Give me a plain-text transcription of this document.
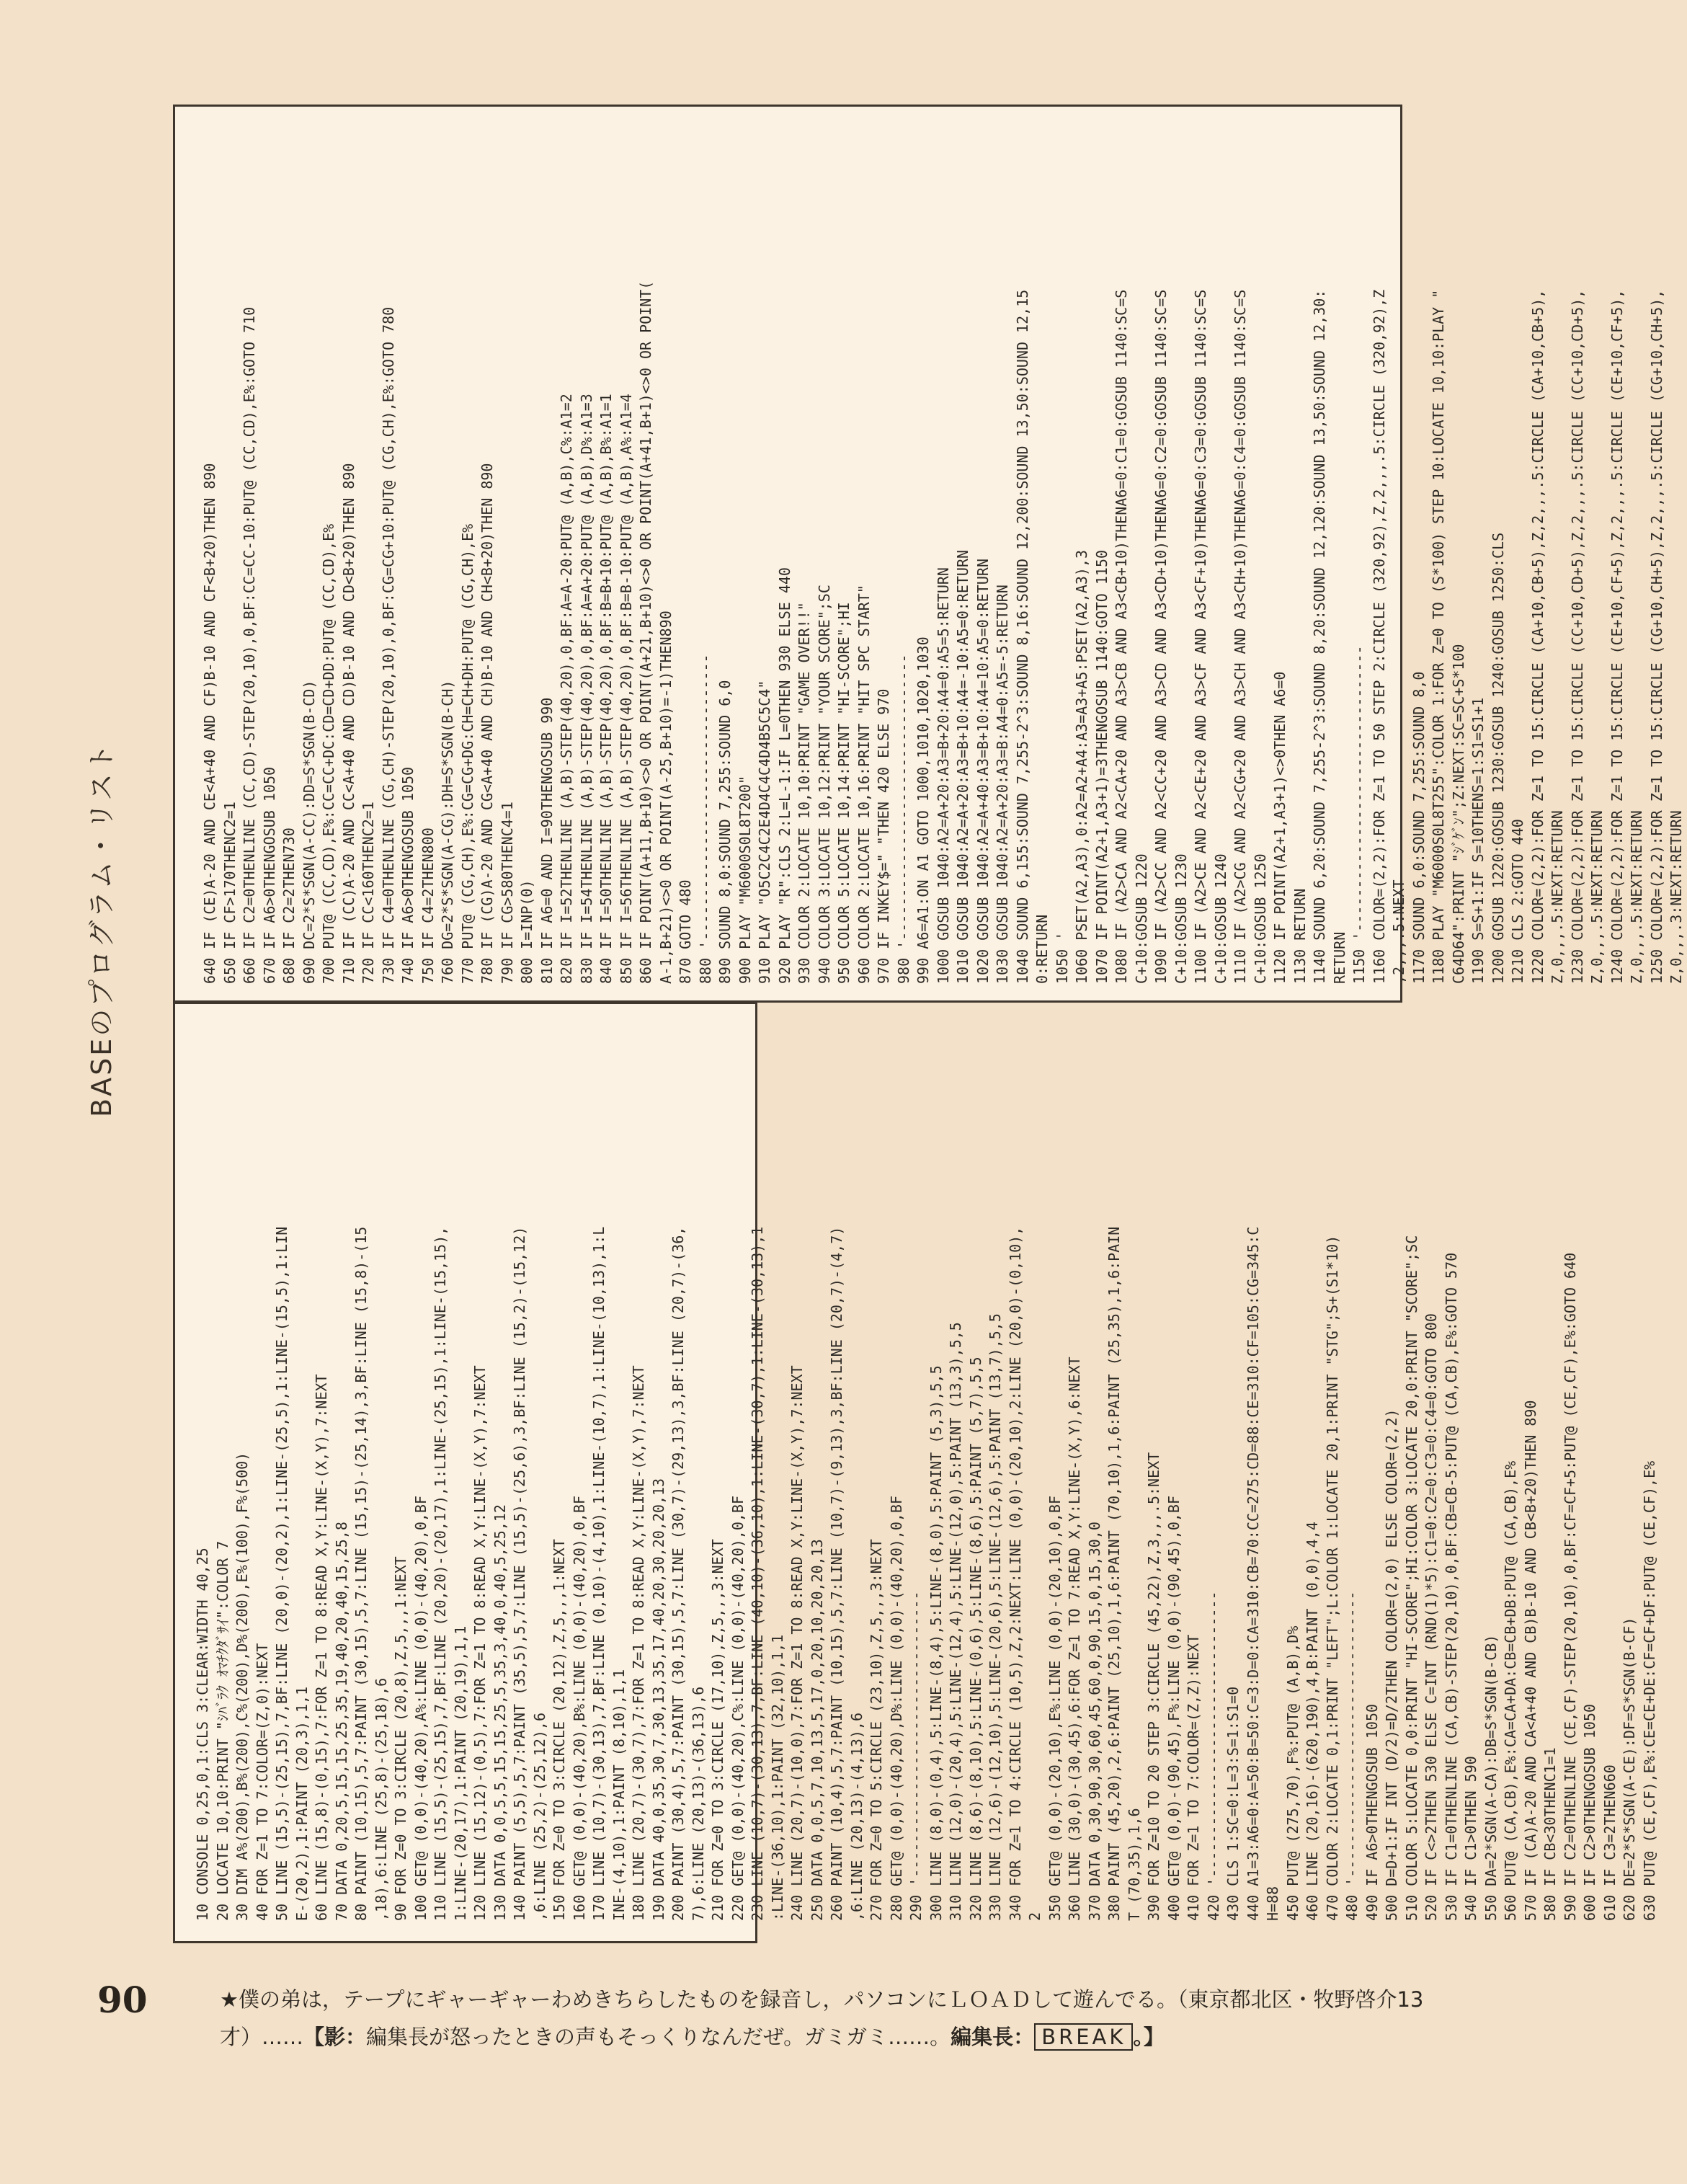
BASEのプログラム・リスト
10 CONSOLE 0,25,0,1:CLS 3:CLEAR:WIDTH 40,25 20 LOCATE 10,10:PRINT "ｼﾊﾞﾗｸ ｵﾏﾁｸﾀﾞｻｲ":COLOR 7 30 DIM A%(200),B%(200),C%(200),D%(200),E%(100),F%(500) 40 FOR Z=1 TO 7:COLOR=(Z,0):NEXT 50 LINE (15,5)-(25,15),7,BF:LINE (20,0)-(20,2),1:LINE-(25,5),1:LINE-(15,5),1:LIN E-(20,2),1:PAINT (20,3),1,1 60 LINE (15,8)-(0,15),7:FOR Z=1 TO 8:READ X,Y:LINE-(X,Y),7:NEXT 70 DATA 0,20,5,15,15,25,35,19,40,20,40,15,25,8 80 PAINT (10,15),5,7:PAINT (30,15),5,7:LINE (15,15)-(25,14),3,BF:LINE (15,8)-(15 ,18),6:LINE (25,8)-(25,18),6 90 FOR Z=0 TO 3:CIRCLE (20,8),Z,5,,,1:NEXT 100 GET@ (0,0)-(40,20),A%:LINE (0,0)-(40,20),0,BF 110 LINE (15,5)-(25,15),7,BF:LINE (20,20)-(20,17),1:LINE-(25,15),1:LINE-(15,15), 1:LINE-(20,17),1:PAINT (20,19),1,1 120 LINE (15,12)-(0,5),7:FOR Z=1 TO 8:READ X,Y:LINE-(X,Y),7:NEXT 130 DATA 0,0,5,5,15,15,25,5,35,3,40,0,40,5,25,12 140 PAINT (5,5),5,7:PAINT (35,5),5,7:LINE (15,5)-(25,6),3,BF:LINE (15,2)-(15,12) ,6:LINE (25,2)-(25,12),6 150 FOR Z=0 TO 3:CIRCLE (20,12),Z,5,,,1:NEXT 160 GET@ (0,0)-(40,20),B%:LINE (0,0)-(40,20),0,BF 170 LINE (10,7)-(30,13),7,BF:LINE (0,10)-(4,10),1:LINE-(10,7),1:LINE-(10,13),1:L INE-(4,10),1:PAINT (8,10),1,1 180 LINE (20,7)-(30,7),7:FOR Z=1 TO 8:READ X,Y:LINE-(X,Y),7:NEXT 190 DATA 40,0,35,30,7,30,13,35,17,40,20,30,20,20,13 200 PAINT (30,4),5,7:PAINT (30,15),5,7:LINE (30,7)-(29,13),3,BF:LINE (20,7)-(36, 7),6:LINE (20,13)-(36,13),6 210 FOR Z=0 TO 3:CIRCLE (17,10),Z,5,,,3:NEXT 220 GET@ (0,0)-(40,20),C%:LINE (0,0)-(40,20),0,BF 230 LINE (10,7)-(30,13),7,BF:LINE (40,10)-(36,10),1:LINE-(30,7),1:LINE-(30,13),1 :LINE-(36,10),1:PAINT (32,10),1,1 240 LINE (20,7)-(10,0),7:FOR Z=1 TO 8:READ X,Y:LINE-(X,Y),7:NEXT 250 DATA 0,0,5,7,10,13,5,17,0,20,10,20,20,13 260 PAINT (10,4),5,7:PAINT (10,15),5,7:LINE (10,7)-(9,13),3,BF:LINE (20,7)-(4,7) ,6:LINE (20,13)-(4,13),6 270 FOR Z=0 TO 5:CIRCLE (23,10),Z,5,,,3:NEXT 280 GET@ (0,0)-(40,20),D%:LINE (0,0)-(40,20),0,BF 290 '--------------------------------- 300 LINE (8,0)-(0,4),5:LINE-(8,4),5:LINE-(8,0),5:PAINT (5,3),5,5 310 LINE (12,0)-(20,4),5:LINE-(12,4),5:LINE-(12,0),5:PAINT (13,3),5,5 320 LINE (8,6)-(8,10),5:LINE-(0,6),5:LINE-(8,6),5:PAINT (5,7),5,5 330 LINE (12,6)-(12,10),5:LINE-(20,6),5:LINE-(12,6),5:PAINT (13,7),5,5 340 FOR Z=1 TO 4:CIRCLE (10,5),Z,2:NEXT:LINE (0,0)-(20,10),2:LINE (20,0)-(0,10), 2 350 GET@ (0,0)-(20,10),E%:LINE (0,0)-(20,10),0,BF 360 LINE (30,0)-(30,45),6:FOR Z=1 TO 7:READ X,Y:LINE-(X,Y),6:NEXT 370 DATA 0,30,90,30,60,45,60,0,90,15,0,15,30,0 380 PAINT (45,20),2,6:PAINT (25,10),1,6:PAINT (70,10),1,6:PAINT (25,35),1,6:PAIN T (70,35),1,6 390 FOR Z=10 TO 20 STEP 3:CIRCLE (45,22),Z,3,,,.5:NEXT 400 GET@ (0,0)-(90,45),F%:LINE (0,0)-(90,45),0,BF 410 FOR Z=1 TO 7:COLOR=(Z,Z):NEXT 420 '--------------------------------- 430 CLS 1:SC=0:L=3:S=1:S1=0 440 A1=3:A6=0:A=50:B=50:C=3:D=0:CA=310:CB=70:CC=275:CD=88:CE=310:CF=105:CG=345:C H=88 450 PUT@ (275,70),F%:PUT@ (A,B),D% 460 LINE (20,16)-(620,190),4,B:PAINT (0,0),4,4 470 COLOR 2:LOCATE 0,1:PRINT "LEFT";L:COLOR 1:LOCATE 20,1:PRINT "STG";S+(S1*10) 480 '--------------------------------- 490 IF A6>0THENGOSUB 1050 500 D=D+1:IF INT (D/2)=D/2THEN COLOR=(2,0) ELSE COLOR=(2,2) 510 COLOR 5:LOCATE 0,0:PRINT "HI-SCORE";HI:COLOR 3:LOCATE 20,0:PRINT "SCORE";SC 520 IF C<>2THEN 530 ELSE C=INT (RND(1)*5):C1=0:C2=0:C3=0:C4=0:GOTO 800 530 IF C1=0THENLINE (CA,CB)-STEP(20,10),0,BF:CB=CB-5:PUT@ (CA,CB),E%:GOTO 570 540 IF C1>0THEN 590 550 DA=2*SGN(A-CA):DB=S*SGN(B-CB) 560 PUT@ (CA,CB),E%:CA=CA+DA:CB=CB+DB:PUT@ (CA,CB),E% 570 IF (CA)A-20 AND CA<A+40 AND CB)B-10 AND CB<B+20)THEN 890 580 IF CB<30THENC1=1 590 IF C2=0THENLINE (CE,CF)-STEP(20,10),0,BF:CF=CF+5:PUT@ (CE,CF),E%:GOTO 640 600 IF C2>0THENGOSUB 1050 610 IF C3=2THEN660 620 DE=2*S*SGN(A-CE):DF=S*SGN(B-CF) 630 PUT@ (CE,CF),E%:CE=CE+DE:CF=CF+DF:PUT@ (CE,CF),E%
640 IF (CE)A-20 AND CE<A+40 AND CF)B-10 AND CF<B+20)THEN 890 650 IF CF>170THENC2=1 660 IF C2=0THENLINE (CC,CD)-STEP(20,10),0,BF:CC=CC-10:PUT@ (CC,CD),E%:GOTO 710 670 IF A6>0THENGOSUB 1050 680 IF C2=2THEN730 690 DC=2*S*SGN(A-CC):DD=S*SGN(B-CD) 700 PUT@ (CC,CD),E%:CC=CC+DC:CD=CD+DD:PUT@ (CC,CD),E% 710 IF (CC)A-20 AND CC<A+40 AND CD)B-10 AND CD<B+20)THEN 890 720 IF CC<160THENC2=1 730 IF C4=0THENLINE (CG,CH)-STEP(20,10),0,BF:CG=CG+10:PUT@ (CG,CH),E%:GOTO 780 740 IF A6>0THENGOSUB 1050 750 IF C4=2THEN800 760 DG=2*S*SGN(A-CG):DH=S*SGN(B-CH) 770 PUT@ (CG,CH),E%:CG=CG+DG:CH=CH+DH:PUT@ (CG,CH),E% 780 IF (CG)A-20 AND CG<A+40 AND CH)B-10 AND CH<B+20)THEN 890 790 IF CG>580THENC4=1 800 I=INP(0) 810 IF A6=0 AND I=90THENGOSUB 990 820 IF I=52THENLINE (A,B)-STEP(40,20),0,BF:A=A-20:PUT@ (A,B),C%:A1=2 830 IF I=54THENLINE (A,B)-STEP(40,20),0,BF:A=A+20:PUT@ (A,B),D%:A1=3 840 IF I=50THENLINE (A,B)-STEP(40,20),0,BF:B=B+10:PUT@ (A,B),B%:A1=1 850 IF I=56THENLINE (A,B)-STEP(40,20),0,BF:B=B-10:PUT@ (A,B),A%:A1=4 860 IF POINT(A+11,B+10)<>0 OR POINT(A+21,B+10)<>0 OR POINT(A+41,B+1)<>0 OR POINT( A-1,B+21)<>0 OR POINT(A-25,B+10)=-1)THEN890 870 GOTO 480 880 '--------------------------------- 890 SOUND 8,0:SOUND 7,255:SOUND 6,0 900 PLAY "M6000S0L8T200" 910 PLAY "O5C2C4C2E4D4C4C4D4B5C5C4" 920 PLAY "R":CLS 2:L=L-1:IF L=0THEN 930 ELSE 440 930 COLOR 2:LOCATE 10,10:PRINT "GAME OVER!!" 940 COLOR 3:LOCATE 10,12:PRINT "YOUR SCORE";SC 950 COLOR 5:LOCATE 10,14:PRINT "HI-SCORE";HI 960 COLOR 2:LOCATE 10,16:PRINT "HIT SPC START" 970 IF INKEY$=" "THEN 420 ELSE 970 980 '--------------------------------- 990 A6=A1:ON A1 GOTO 1000,1010,1020,1030 1000 GOSUB 1040:A2=A+20:A3=B+20:A4=0:A5=5:RETURN 1010 GOSUB 1040:A2=A+20:A3=B+10:A4=-10:A5=0:RETURN 1020 GOSUB 1040:A2=A+40:A3=B+10:A4=10:A5=0:RETURN 1030 GOSUB 1040:A2=A+20:A3=B:A4=0:A5=-5:RETURN 1040 SOUND 6,155:SOUND 7,255-2^3:SOUND 8,16:SOUND 12,200:SOUND 13,50:SOUND 12,15 0:RETURN 1050 ' 1060 PSET(A2,A3),0:A2=A2+A4:A3=A3+A5:PSET(A2,A3),3 1070 IF POINT(A2+1,A3+1)=3THENGOSUB 1140:GOTO 1150 1080 IF (A2>CA AND A2<CA+20 AND A3>CB AND A3<CB+10)THENA6=0:C1=0:GOSUB 1140:SC=S C+10:GOSUB 1220 1090 IF (A2>CC AND A2<CC+20 AND A3>CD AND A3<CD+10)THENA6=0:C2=0:GOSUB 1140:SC=S C+10:GOSUB 1230 1100 IF (A2>CE AND A2<CE+20 AND A3>CF AND A3<CF+10)THENA6=0:C3=0:GOSUB 1140:SC=S C+10:GOSUB 1240 1110 IF (A2>CG AND A2<CG+20 AND A3>CH AND A3<CH+10)THENA6=0:C4=0:GOSUB 1140:SC=S C+10:GOSUB 1250 1120 IF POINT(A2+1,A3+1)<>0THEN A6=0 1130 RETURN 1140 SOUND 6,20:SOUND 7,255-2^3:SOUND 8,20:SOUND 12,120:SOUND 13,50:SOUND 12,30: RETURN 1150 '--------------------------------- 1160 COLOR=(2,2):FOR Z=1 TO 50 STEP 2:CIRCLE (320,92),Z,2,,,.5:CIRCLE (320,92),Z ,2,,,.5:NEXT 1170 SOUND 6,0:SOUND 7,255:SOUND 8,0 1180 PLAY "M6000S0L8T255":COLOR 1:FOR Z=0 TO (S*100) STEP 10:LOCATE 10,10:PLAY " C64D64":PRINT "ｼﾞｹﾞﾝ";Z:NEXT:SC=SC+S*100 1190 S=S+1:IF S=10THENS=1:S1=S1+1 1200 GOSUB 1220:GOSUB 1230:GOSUB 1240:GOSUB 1250:CLS 1210 CLS 2:GOTO 440 1220 COLOR=(2,2):FOR Z=1 TO 15:CIRCLE (CA+10,CB+5),Z,2,,,.5:CIRCLE (CA+10,CB+5), Z,0,,,.5:NEXT:RETURN 1230 COLOR=(2,2):FOR Z=1 TO 15:CIRCLE (CC+10,CD+5),Z,2,,,.5:CIRCLE (CC+10,CD+5), Z,0,,,.5:NEXT:RETURN 1240 COLOR=(2,2):FOR Z=1 TO 15:CIRCLE (CE+10,CF+5),Z,2,,,.5:CIRCLE (CE+10,CF+5), Z,0,,,.5:NEXT:RETURN 1250 COLOR=(2,2):FOR Z=1 TO 15:CIRCLE (CG+10,CH+5),Z,2,,,.5:CIRCLE (CG+10,CH+5), Z,0,,,.3:NEXT:RETURN
90	★僕の弟は，テープにギャーギャーわめきちらしたものを録音し，パソコンにＬＯＡＤして遊んでる。（東京都北区・牧野啓介13才）……【影：編集長が怒ったときの声もそっくりなんだぜ。ガミガミ……。編集長： BREAK 。】
